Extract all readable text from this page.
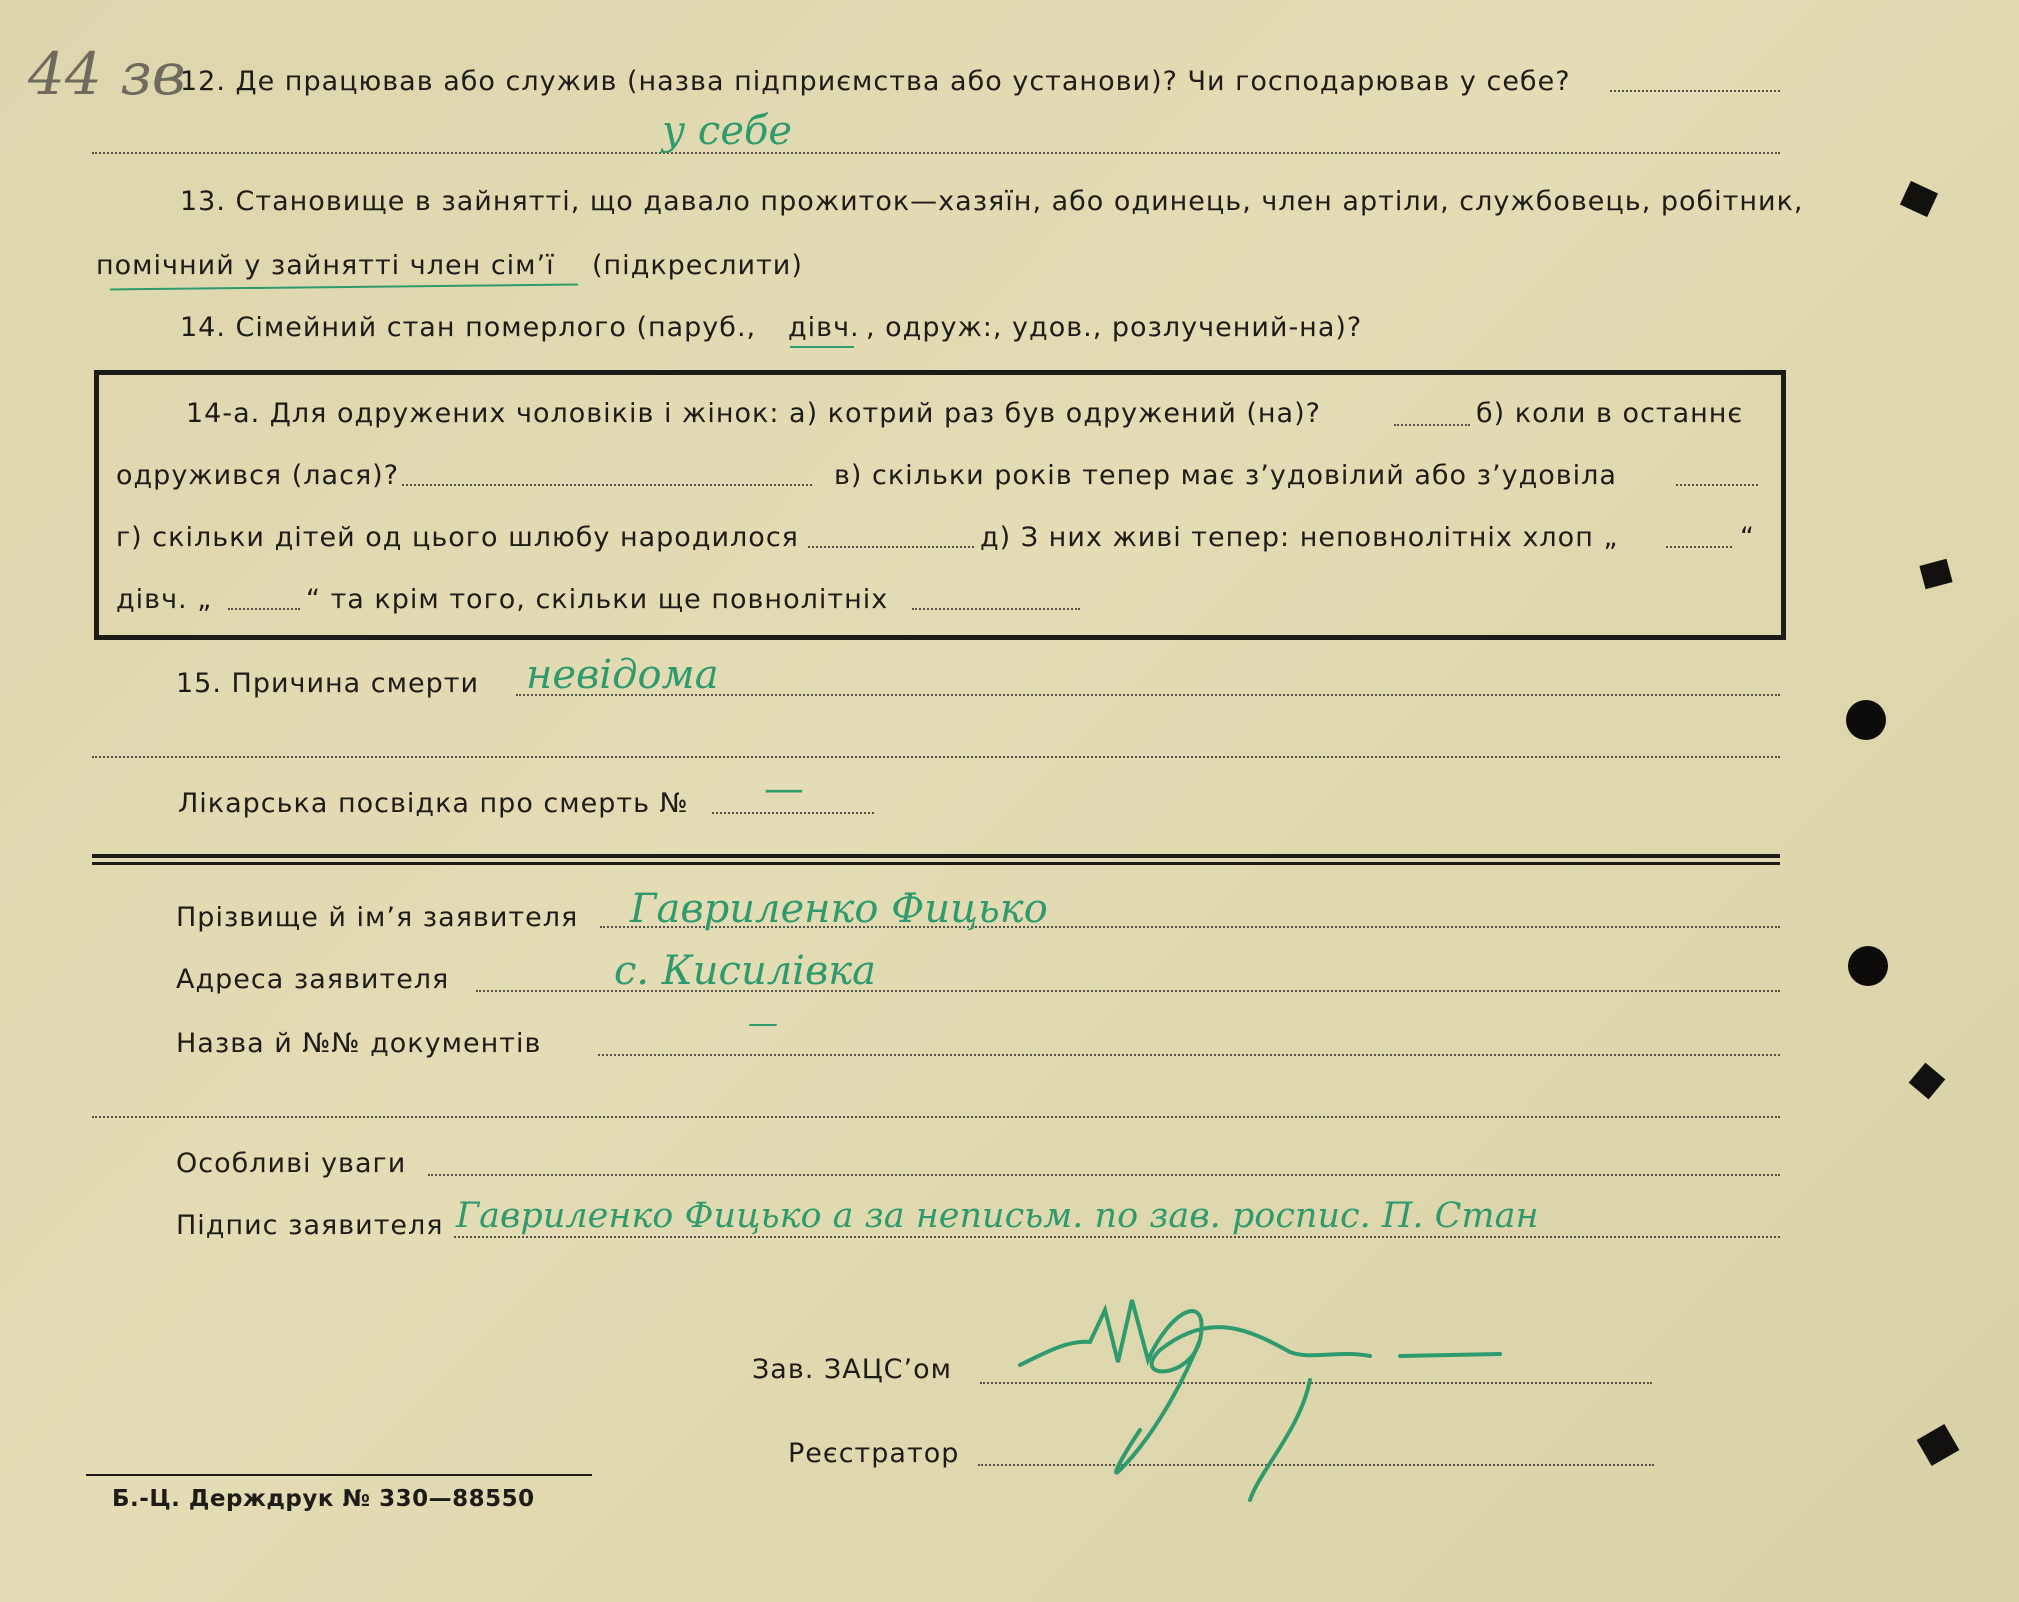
44 зв
12. Де працював або служив (назва підприємства або установи)? Чи господарював у себе?
у себе
13. Становище в зайнятті, що давало прожиток—хазяїн, або одинець, член артіли, службовець, робітник,
помічний у зайнятті член сім’ї (підкреслити)
14. Сімейний стан померлого (паруб., дівч. , одруж:, удов., розлучений-на)?
14-а. Для одружених чоловіків і жінок: а) котрий раз був одружений (на)?	б) коли в останнє
одружився (лася)?	в) скільки років тепер має з’удовілий або з’удовіла
г) скільки дітей од цього шлюбу народилося	д) З них живі тепер: неповнолітніх хлоп „	“
дівч. „	“ та крім того, скільки ще повнолітніх
15. Причина смерти невідома
Лікарська посвідка про смерть № —
Прізвище й ім’я заявителя Гавриленко Фицько
Адреса заявителя	с. Кисилівка
Назва й №№ документів
—
Особливі уваги
Підпис заявителя Гавриленко Фицько а за неписьм. по зав. роспис. П. Стан
Зав. ЗАЦС’ом
Реєстратор
Б.-Ц. Держдрук № 330—88550
